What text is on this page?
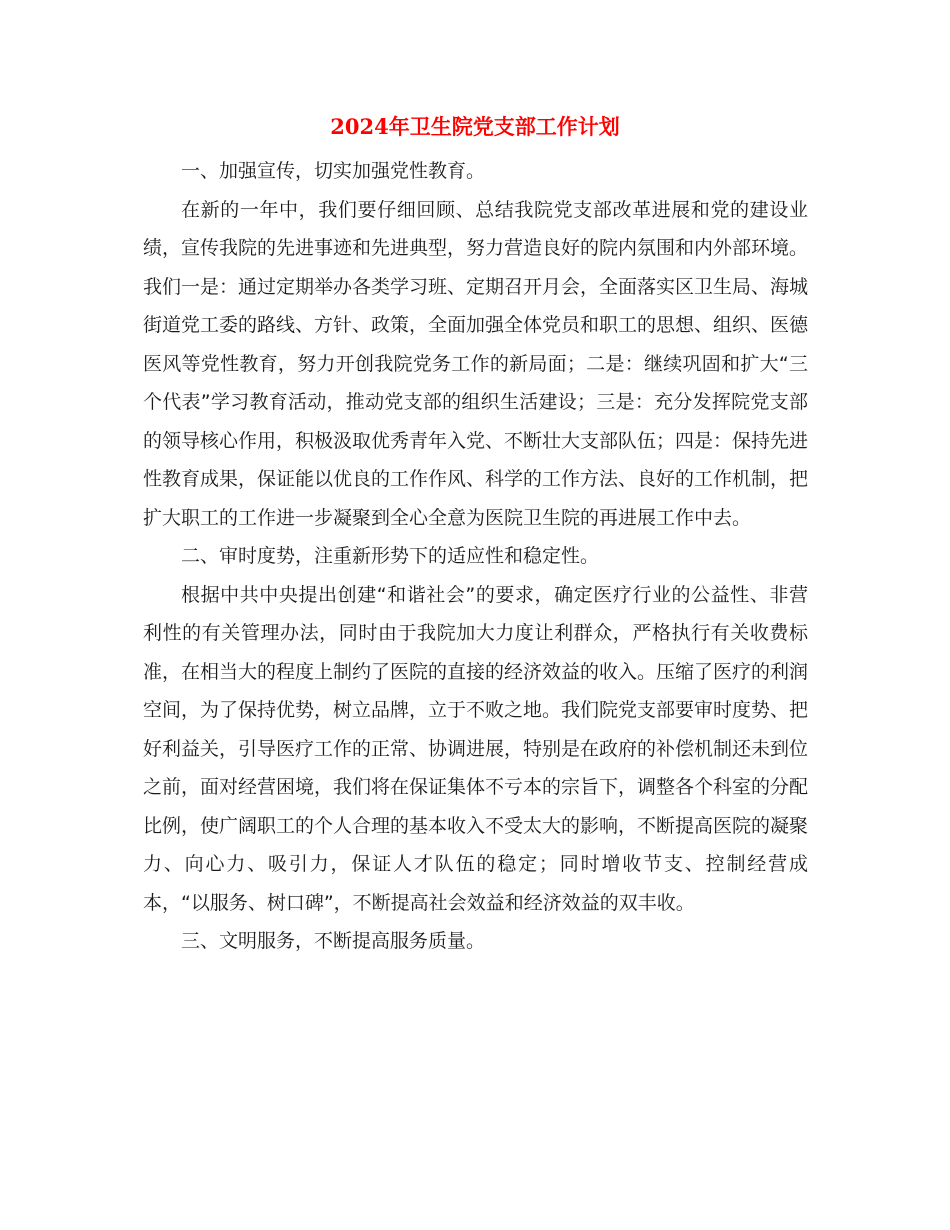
2024年卫生院党支部工作计划

一、加强宣传，切实加强党性教育。

在新的一年中，我们要仔细回顾、总结我院党支部改革进展和党的建设业绩，宣传我院的先进事迹和先进典型，努力营造良好的院内氛围和内外部环境。我们一是：通过定期举办各类学习班、定期召开月会，全面落实区卫生局、海城街道党工委的路线、方针、政策，全面加强全体党员和职工的思想、组织、医德医风等党性教育，努力开创我院党务工作的新局面；二是：继续巩固和扩大“三个代表”学习教育活动，推动党支部的组织生活建设；三是：充分发挥院党支部的领导核心作用，积极汲取优秀青年入党、不断壮大支部队伍；四是：保持先进性教育成果，保证能以优良的工作作风、科学的工作方法、良好的工作机制，把扩大职工的工作进一步凝聚到全心全意为医院卫生院的再进展工作中去。

二、审时度势，注重新形势下的适应性和稳定性。

根据中共中央提出创建“和谐社会”的要求，确定医疗行业的公益性、非营利性的有关管理办法，同时由于我院加大力度让利群众，严格执行有关收费标准，在相当大的程度上制约了医院的直接的经济效益的收入。压缩了医疗的利润空间，为了保持优势，树立品牌，立于不败之地。我们院党支部要审时度势、把好利益关，引导医疗工作的正常、协调进展，特别是在政府的补偿机制还未到位之前，面对经营困境，我们将在保证集体不亏本的宗旨下，调整各个科室的分配比例，使广阔职工的个人合理的基本收入不受太大的影响，不断提高医院的凝聚力、向心力、吸引力，保证人才队伍的稳定；同时增收节支、控制经营成本，“以服务、树口碑”，不断提高社会效益和经济效益的双丰收。

三、文明服务，不断提高服务质量。
